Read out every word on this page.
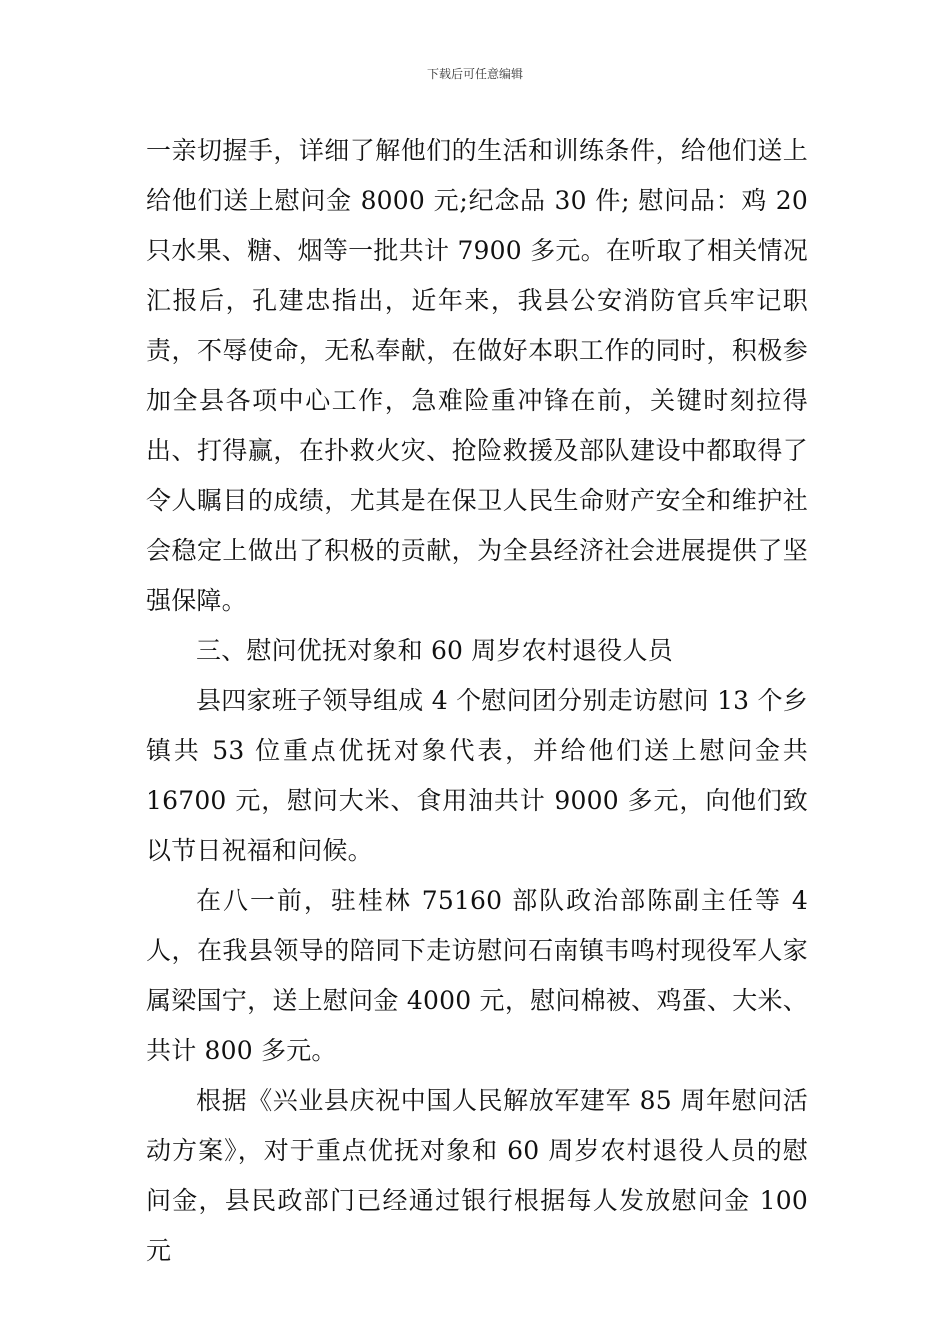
下载后可任意编辑

一亲切握手，详细了解他们的生活和训练条件，给他们送上给他们送上慰问金 8000 元;纪念品 30 件; 慰问品：鸡 20 只水果、糖、烟等一批共计 7900 多元。在听取了相关情况汇报后，孔建忠指出，近年来，我县公安消防官兵牢记职责，不辱使命，无私奉献，在做好本职工作的同时，积极参加全县各项中心工作，急难险重冲锋在前，关键时刻拉得出、打得赢，在扑救火灾、抢险救援及部队建设中都取得了令人瞩目的成绩，尤其是在保卫人民生命财产安全和维护社会稳定上做出了积极的贡献，为全县经济社会进展提供了坚强保障。

三、慰问优抚对象和 60 周岁农村退役人员

县四家班子领导组成 4 个慰问团分别走访慰问 13 个乡镇共 53 位重点优抚对象代表，并给他们送上慰问金共 16700 元，慰问大米、食用油共计 9000 多元，向他们致以节日祝福和问候。

在八一前，驻桂林 75160 部队政治部陈副主任等 4 人，在我县领导的陪同下走访慰问石南镇韦鸣村现役军人家属梁国宁，送上慰问金 4000 元，慰问棉被、鸡蛋、大米、共计 800 多元。

根据《兴业县庆祝中国人民解放军建军 85 周年慰问活动方案》，对于重点优抚对象和 60 周岁农村退役人员的慰问金，县民政部门已经通过银行根据每人发放慰问金 100 元
